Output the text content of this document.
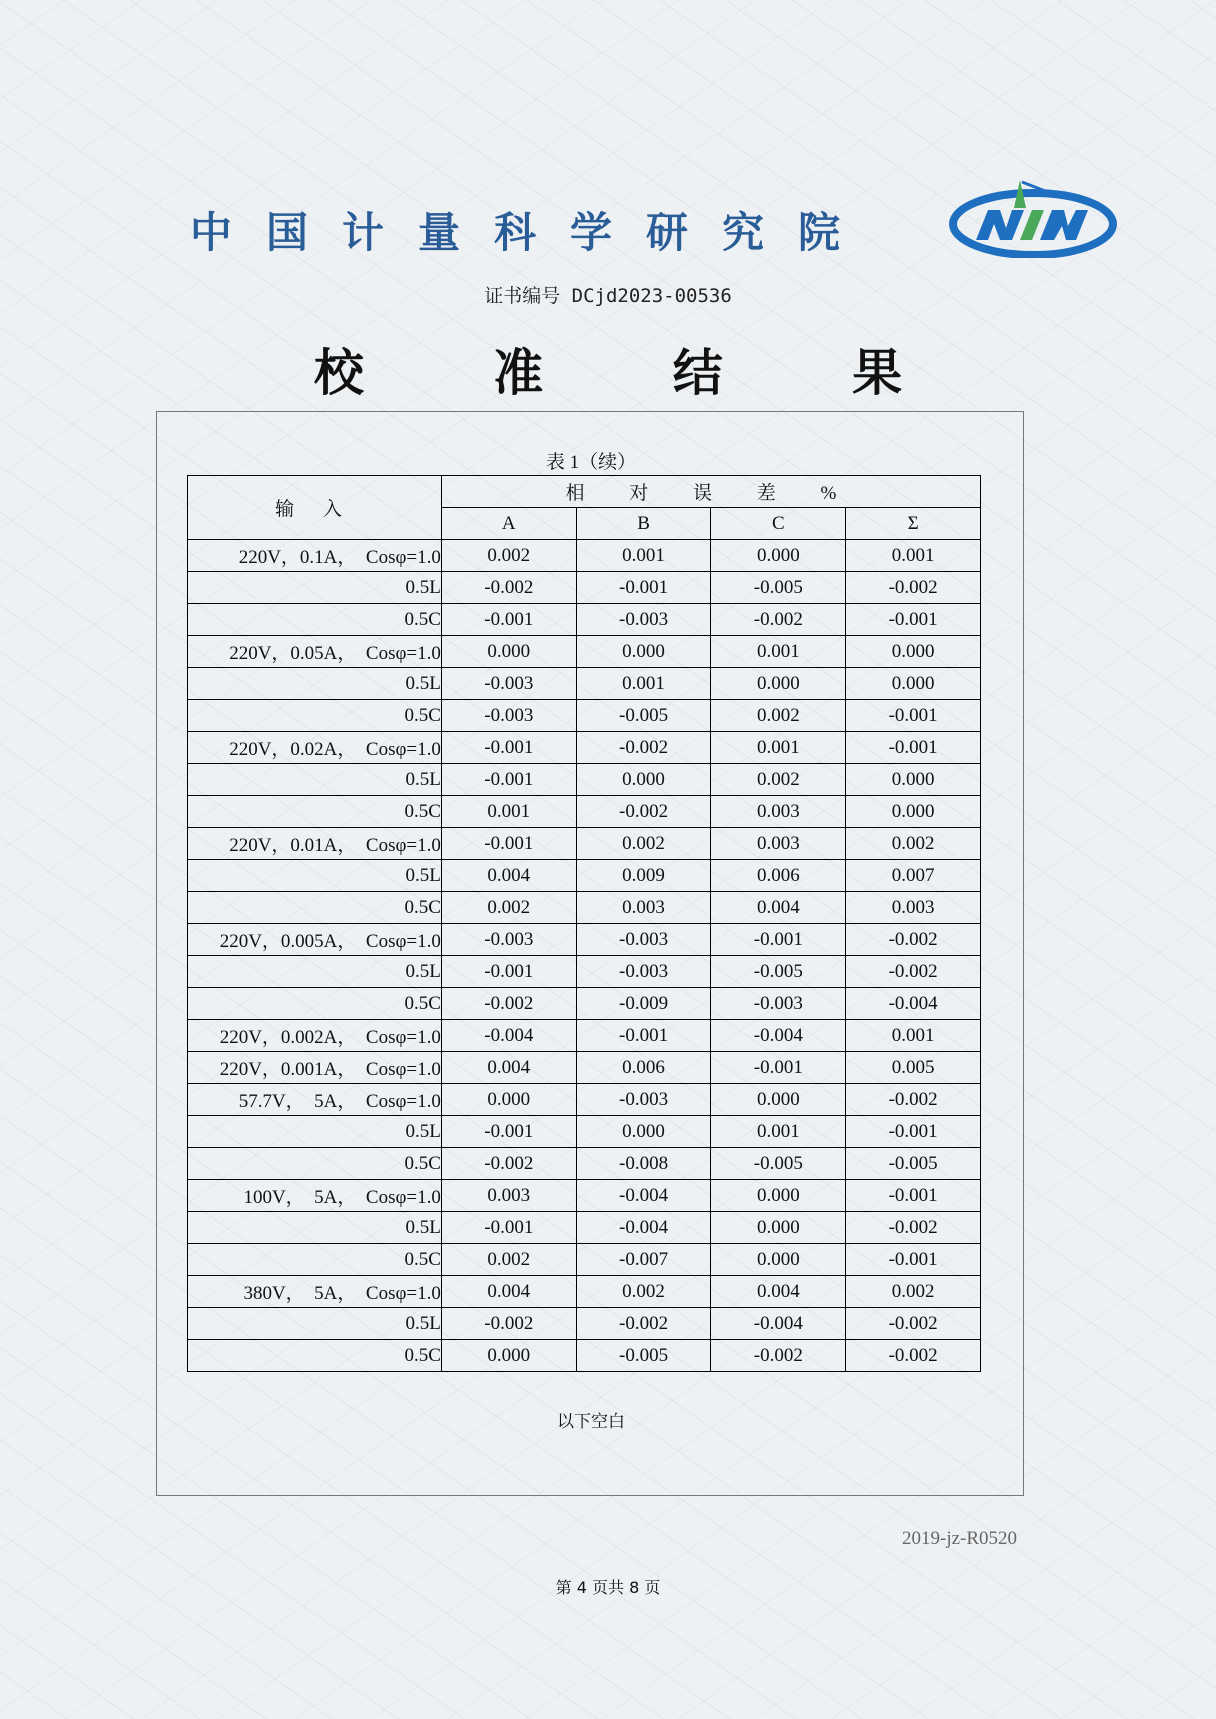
中国计量科学研究院
证书编号 DCjd2023-00536
校 准 结 果
表 1（续）
输 入	相 对 误 差 %			
	A	B	C	Σ
220V，0.1A，　Cosφ=1.0	0.002	0.001	0.000	0.001
0.5L	-0.002	-0.001	-0.005	-0.002
0.5C	-0.001	-0.003	-0.002	-0.001
220V，0.05A，　Cosφ=1.0	0.000	0.000	0.001	0.000
0.5L	-0.003	0.001	0.000	0.000
0.5C	-0.003	-0.005	0.002	-0.001
220V，0.02A，　Cosφ=1.0	-0.001	-0.002	0.001	-0.001
0.5L	-0.001	0.000	0.002	0.000
0.5C	0.001	-0.002	0.003	0.000
220V，0.01A，　Cosφ=1.0	-0.001	0.002	0.003	0.002
0.5L	0.004	0.009	0.006	0.007
0.5C	0.002	0.003	0.004	0.003
220V，0.005A，　Cosφ=1.0	-0.003	-0.003	-0.001	-0.002
0.5L	-0.001	-0.003	-0.005	-0.002
0.5C	-0.002	-0.009	-0.003	-0.004
220V，0.002A，　Cosφ=1.0	-0.004	-0.001	-0.004	0.001
220V，0.001A，　Cosφ=1.0	0.004	0.006	-0.001	0.005
57.7V，　5A，　Cosφ=1.0	0.000	-0.003	0.000	-0.002
0.5L	-0.001	0.000	0.001	-0.001
0.5C	-0.002	-0.008	-0.005	-0.005
100V，　5A，　Cosφ=1.0	0.003	-0.004	0.000	-0.001
0.5L	-0.001	-0.004	0.000	-0.002
0.5C	0.002	-0.007	0.000	-0.001
380V，　5A，　Cosφ=1.0	0.004	0.002	0.004	0.002
0.5L	-0.002	-0.002	-0.004	-0.002
0.5C	0.000	-0.005	-0.002	-0.002
以下空白
2019-jz-R0520
第 4 页共 8 页
